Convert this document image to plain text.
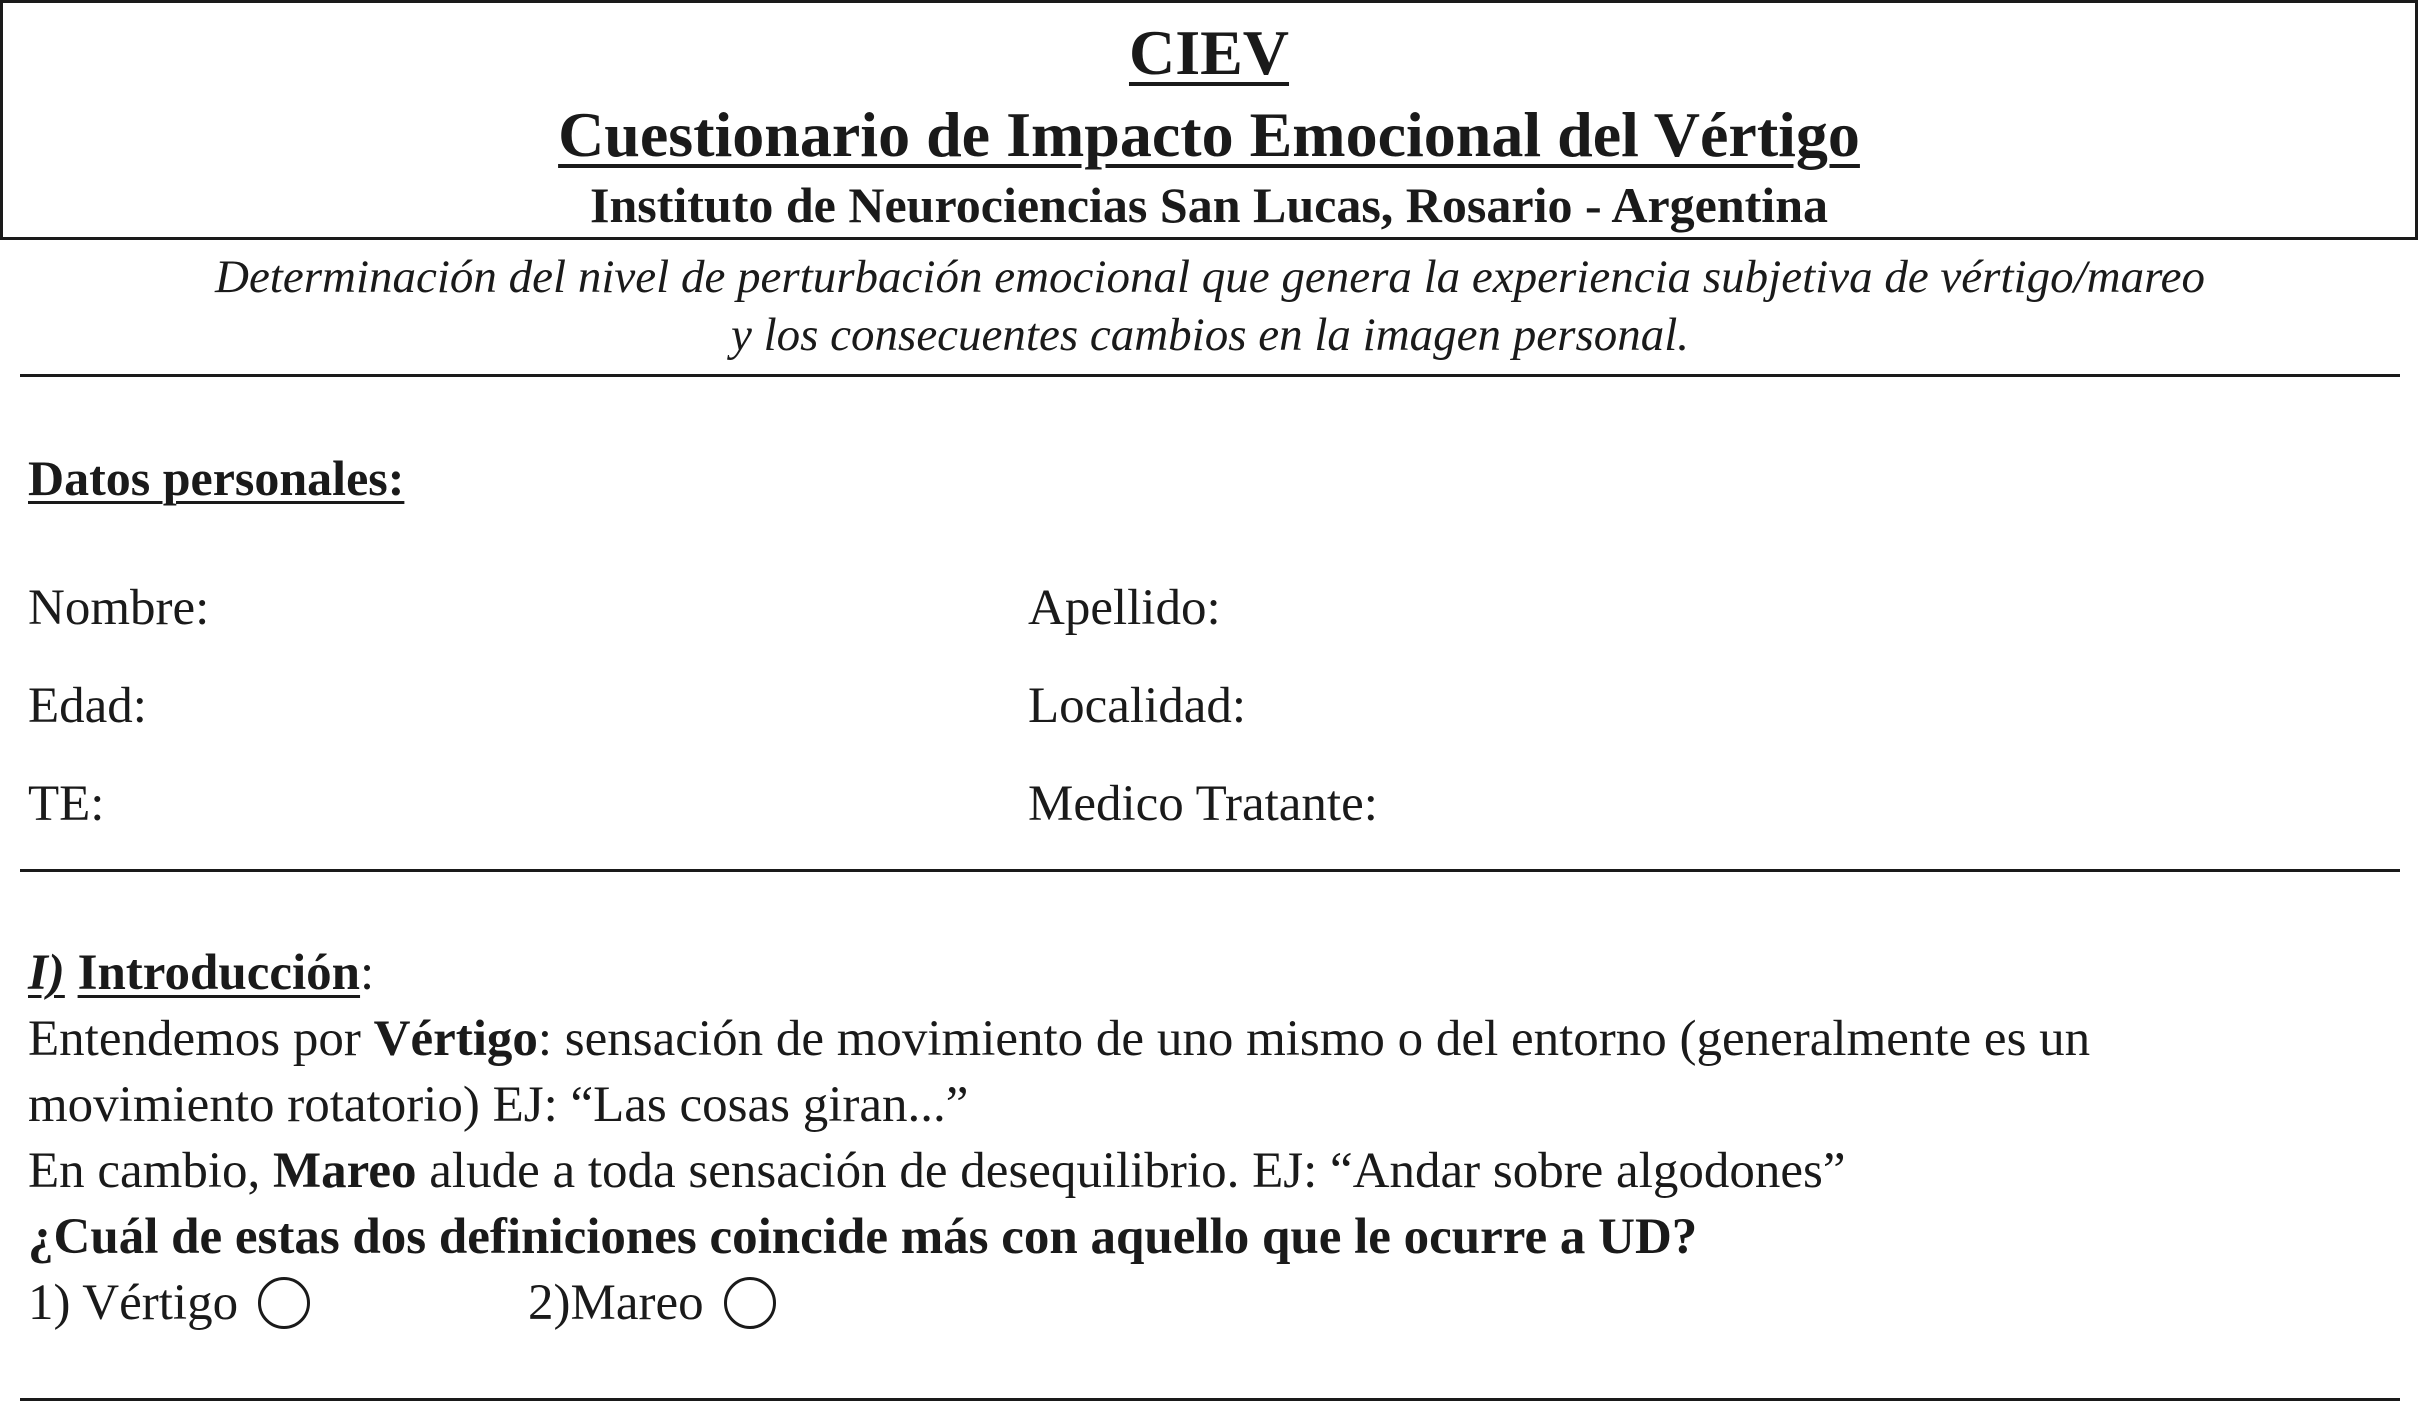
CIEV
Cuestionario de Impacto Emocional del Vértigo
Instituto de Neurociencias San Lucas, Rosario - Argentina
Determinación del nivel de perturbación emocional que genera la experiencia subjetiva de vértigo/mareo
y los consecuentes cambios en la imagen personal.
Datos personales:
Nombre:	Apellido:
Edad:	Localidad:
TE:	Medico Tratante:

I) Introducción:

Entendemos por Vértigo: sensación de movimiento de uno mismo o del entorno (generalmente es un

movimiento rotatorio) EJ: “Las cosas giran...”

En cambio, Mareo alude a toda sensación de desequilibrio. EJ: “Andar sobre algodones”

¿Cuál de estas dos definiciones coincide más con aquello que le ocurre a UD?

1) Vértigo	2)Mareo
